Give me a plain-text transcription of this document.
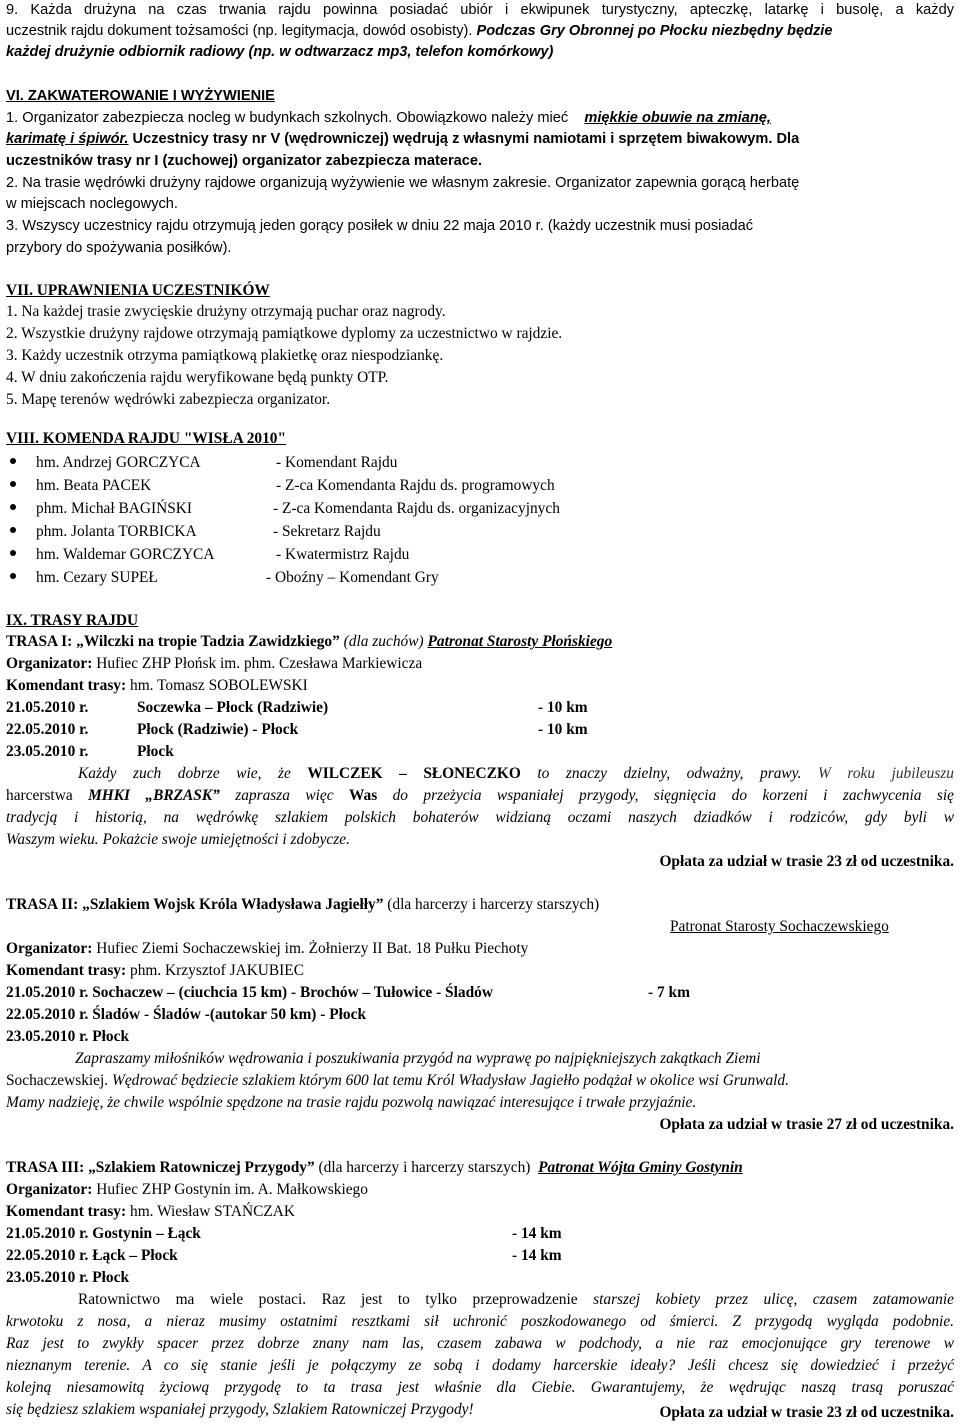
9. Każda drużyna na czas trwania rajdu powinna posiadać ubiór i ekwipunek turystyczny, apteczkę, latarkę i busolę, a każdy
uczestnik rajdu dokument tożsamości (np. legitymacja, dowód osobisty). Podczas Gry Obronnej po Płocku niezbędny będzie
każdej drużynie odbiornik radiowy (np. w odtwarzacz mp3, telefon komórkowy)
VI. ZAKWATEROWANIE I WYŻYWIENIE
1. Organizator zabezpiecza nocleg w budynkach szkolnych. Obowiązkowo należy mieć miękkie obuwie na zmianę,
karimatę i śpiwór. Uczestnicy trasy nr V (wędrowniczej) wędrują z własnymi namiotami i sprzętem biwakowym. Dla
uczestników trasy nr I (zuchowej) organizator zabezpiecza materace.
2. Na trasie wędrówki drużyny rajdowe organizują wyżywienie we własnym zakresie. Organizator zapewnia gorącą herbatę
w miejscach noclegowych.
3. Wszyscy uczestnicy rajdu otrzymują jeden gorący posiłek w dniu 22 maja 2010 r. (każdy uczestnik musi posiadać
przybory do spożywania posiłków).
VII. UPRAWNIENIA UCZESTNIKÓW
1. Na każdej trasie zwycięskie drużyny otrzymają puchar oraz nagrody.
2. Wszystkie drużyny rajdowe otrzymają pamiątkowe dyplomy za uczestnictwo w rajdzie.
3. Każdy uczestnik otrzyma pamiątkową plakietkę oraz niespodziankę.
4. W dniu zakończenia rajdu weryfikowane będą punkty OTP.
5. Mapę terenów wędrówki zabezpiecza organizator.
VIII. KOMENDA RAJDU "WISŁA 2010"
hm. Andrzej GORCZYCA	- Komendant Rajdu
hm. Beata PACEK	- Z-ca Komendanta Rajdu ds. programowych
phm. Michał BAGIŃSKI	- Z-ca Komendanta Rajdu ds. organizacyjnych
phm. Jolanta TORBICKA	- Sekretarz Rajdu
hm. Waldemar GORCZYCA	- Kwatermistrz Rajdu
hm. Cezary SUPEŁ	- Oboźny – Komendant Gry
IX. TRASY RAJDU
TRASA I: „Wilczki na tropie Tadzia Zawidzkiego” (dla zuchów) Patronat Starosty Płońskiego
Organizator: Hufiec ZHP Płońsk im. phm. Czesława Markiewicza
Komendant trasy: hm. Tomasz SOBOLEWSKI
21.05.2010 r.	Soczewka – Płock (Radziwie)	- 10 km
22.05.2010 r.	Płock (Radziwie) - Płock	- 10 km
23.05.2010 r.	Płock
Każdy zuch dobrze wie, że WILCZEK – SŁONECZKO to znaczy dzielny, odważny, prawy. W roku jubileuszu
harcerstwa MHKI „BRZASK” zaprasza więc Was do przeżycia wspaniałej przygody, sięgnięcia do korzeni i zachwycenia się
tradycją i historią, na wędrówkę szlakiem polskich bohaterów widzianą oczami naszych dziadków i rodziców, gdy byli w
Waszym wieku. Pokażcie swoje umiejętności i zdobycze.
Opłata za udział w trasie 23 zł od uczestnika.
TRASA II: „Szlakiem Wojsk Króla Władysława Jagiełły” (dla harcerzy i harcerzy starszych)
Patronat Starosty Sochaczewskiego
Organizator: Hufiec Ziemi Sochaczewskiej im. Żołnierzy II Bat. 18 Pułku Piechoty
Komendant trasy: phm. Krzysztof JAKUBIEC
21.05.2010 r. Sochaczew – (ciuchcia 15 km) - Brochów – Tułowice - Śladów	- 7 km
22.05.2010 r. Śladów - Śladów -(autokar 50 km) - Płock
23.05.2010 r. Płock
Zapraszamy miłośników wędrowania i poszukiwania przygód na wyprawę po najpiękniejszych zakątkach Ziemi
Sochaczewskiej. Wędrować będziecie szlakiem którym 600 lat temu Król Władysław Jagiełło podążał w okolice wsi Grunwald.
Mamy nadzieję, że chwile wspólnie spędzone na trasie rajdu pozwolą nawiązać interesujące i trwałe przyjaźnie.
Opłata za udział w trasie 27 zł od uczestnika.
TRASA III: „Szlakiem Ratowniczej Przygody” (dla harcerzy i harcerzy starszych) Patronat Wójta Gminy Gostynin
Organizator: Hufiec ZHP Gostynin im. A. Małkowskiego
Komendant trasy: hm. Wiesław STAŃCZAK
21.05.2010 r. Gostynin – Łąck	- 14 km
22.05.2010 r. Łąck – Płock	- 14 km
23.05.2010 r. Płock
Ratownictwo ma wiele postaci. Raz jest to tylko przeprowadzenie starszej kobiety przez ulicę, czasem zatamowanie
krwotoku z nosa, a nieraz musimy ostatnimi resztkami sił uchronić poszkodowanego od śmierci. Z przygodą wygląda podobnie.
Raz jest to zwykły spacer przez dobrze znany nam las, czasem zabawa w podchody, a nie raz emocjonujące gry terenowe w
nieznanym terenie. A co się stanie jeśli je połączymy ze sobą i dodamy harcerskie ideały? Jeśli chcesz się dowiedzieć i przeżyć
kolejną niesamowitą życiową przygodę to ta trasa jest właśnie dla Ciebie. Gwarantujemy, że wędrując naszą trasą poruszać
się będziesz szlakiem wspaniałej przygody, Szlakiem Ratowniczej Przygody!	Opłata za udział w trasie 23 zł od uczestnika.
